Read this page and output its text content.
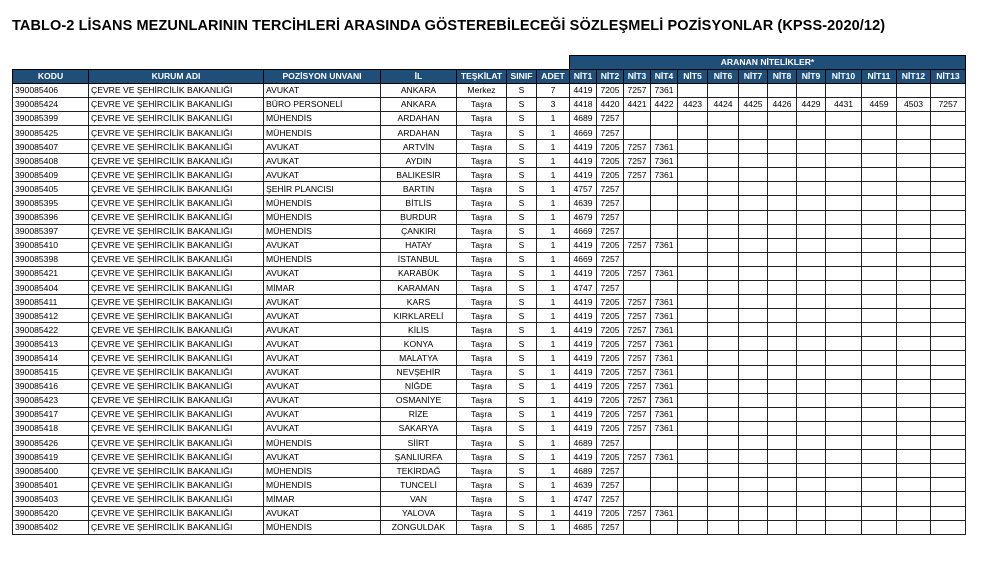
TABLO-2 LİSANS MEZUNLARININ TERCİHLERİ ARASINDA GÖSTEREBİLECEĞİ SÖZLEŞMELİ POZİSYONLAR (KPSS-2020/12)
							ARANAN NİTELİKLER*												
KODU	KURUM ADI	POZİSYON UNVANI	İL	TEŞKİLAT	SINIF	ADET	NİT1	NİT2	NİT3	NİT4	NİT5	NİT6	NİT7	NİT8	NİT9	NİT10	NİT11	NİT12	NİT13
390085406	ÇEVRE VE ŞEHİRCİLİK BAKANLIĞI	AVUKAT	ANKARA	Merkez	S	7	4419	7205	7257	7361									
390085424	ÇEVRE VE ŞEHİRCİLİK BAKANLIĞI	BÜRO PERSONELİ	ANKARA	Taşra	S	3	4418	4420	4421	4422	4423	4424	4425	4426	4429	4431	4459	4503	7257
390085399	ÇEVRE VE ŞEHİRCİLİK BAKANLIĞI	MÜHENDİS	ARDAHAN	Taşra	S	1	4689	7257											
390085425	ÇEVRE VE ŞEHİRCİLİK BAKANLIĞI	MÜHENDİS	ARDAHAN	Taşra	S	1	4669	7257											
390085407	ÇEVRE VE ŞEHİRCİLİK BAKANLIĞI	AVUKAT	ARTVİN	Taşra	S	1	4419	7205	7257	7361									
390085408	ÇEVRE VE ŞEHİRCİLİK BAKANLIĞI	AVUKAT	AYDIN	Taşra	S	1	4419	7205	7257	7361									
390085409	ÇEVRE VE ŞEHİRCİLİK BAKANLIĞI	AVUKAT	BALIKESİR	Taşra	S	1	4419	7205	7257	7361									
390085405	ÇEVRE VE ŞEHİRCİLİK BAKANLIĞI	ŞEHİR PLANCISI	BARTIN	Taşra	S	1	4757	7257											
390085395	ÇEVRE VE ŞEHİRCİLİK BAKANLIĞI	MÜHENDİS	BİTLİS	Taşra	S	1	4639	7257											
390085396	ÇEVRE VE ŞEHİRCİLİK BAKANLIĞI	MÜHENDİS	BURDUR	Taşra	S	1	4679	7257											
390085397	ÇEVRE VE ŞEHİRCİLİK BAKANLIĞI	MÜHENDİS	ÇANKIRI	Taşra	S	1	4669	7257											
390085410	ÇEVRE VE ŞEHİRCİLİK BAKANLIĞI	AVUKAT	HATAY	Taşra	S	1	4419	7205	7257	7361									
390085398	ÇEVRE VE ŞEHİRCİLİK BAKANLIĞI	MÜHENDİS	İSTANBUL	Taşra	S	1	4669	7257											
390085421	ÇEVRE VE ŞEHİRCİLİK BAKANLIĞI	AVUKAT	KARABÜK	Taşra	S	1	4419	7205	7257	7361									
390085404	ÇEVRE VE ŞEHİRCİLİK BAKANLIĞI	MİMAR	KARAMAN	Taşra	S	1	4747	7257											
390085411	ÇEVRE VE ŞEHİRCİLİK BAKANLIĞI	AVUKAT	KARS	Taşra	S	1	4419	7205	7257	7361									
390085412	ÇEVRE VE ŞEHİRCİLİK BAKANLIĞI	AVUKAT	KIRKLARELİ	Taşra	S	1	4419	7205	7257	7361									
390085422	ÇEVRE VE ŞEHİRCİLİK BAKANLIĞI	AVUKAT	KİLİS	Taşra	S	1	4419	7205	7257	7361									
390085413	ÇEVRE VE ŞEHİRCİLİK BAKANLIĞI	AVUKAT	KONYA	Taşra	S	1	4419	7205	7257	7361									
390085414	ÇEVRE VE ŞEHİRCİLİK BAKANLIĞI	AVUKAT	MALATYA	Taşra	S	1	4419	7205	7257	7361									
390085415	ÇEVRE VE ŞEHİRCİLİK BAKANLIĞI	AVUKAT	NEVŞEHİR	Taşra	S	1	4419	7205	7257	7361									
390085416	ÇEVRE VE ŞEHİRCİLİK BAKANLIĞI	AVUKAT	NİĞDE	Taşra	S	1	4419	7205	7257	7361									
390085423	ÇEVRE VE ŞEHİRCİLİK BAKANLIĞI	AVUKAT	OSMANİYE	Taşra	S	1	4419	7205	7257	7361									
390085417	ÇEVRE VE ŞEHİRCİLİK BAKANLIĞI	AVUKAT	RİZE	Taşra	S	1	4419	7205	7257	7361									
390085418	ÇEVRE VE ŞEHİRCİLİK BAKANLIĞI	AVUKAT	SAKARYA	Taşra	S	1	4419	7205	7257	7361									
390085426	ÇEVRE VE ŞEHİRCİLİK BAKANLIĞI	MÜHENDİS	SİİRT	Taşra	S	1	4689	7257											
390085419	ÇEVRE VE ŞEHİRCİLİK BAKANLIĞI	AVUKAT	ŞANLIURFA	Taşra	S	1	4419	7205	7257	7361									
390085400	ÇEVRE VE ŞEHİRCİLİK BAKANLIĞI	MÜHENDİS	TEKİRDAĞ	Taşra	S	1	4689	7257											
390085401	ÇEVRE VE ŞEHİRCİLİK BAKANLIĞI	MÜHENDİS	TUNCELİ	Taşra	S	1	4639	7257											
390085403	ÇEVRE VE ŞEHİRCİLİK BAKANLIĞI	MİMAR	VAN	Taşra	S	1	4747	7257											
390085420	ÇEVRE VE ŞEHİRCİLİK BAKANLIĞI	AVUKAT	YALOVA	Taşra	S	1	4419	7205	7257	7361									
390085402	ÇEVRE VE ŞEHİRCİLİK BAKANLIĞI	MÜHENDİS	ZONGULDAK	Taşra	S	1	4685	7257											
